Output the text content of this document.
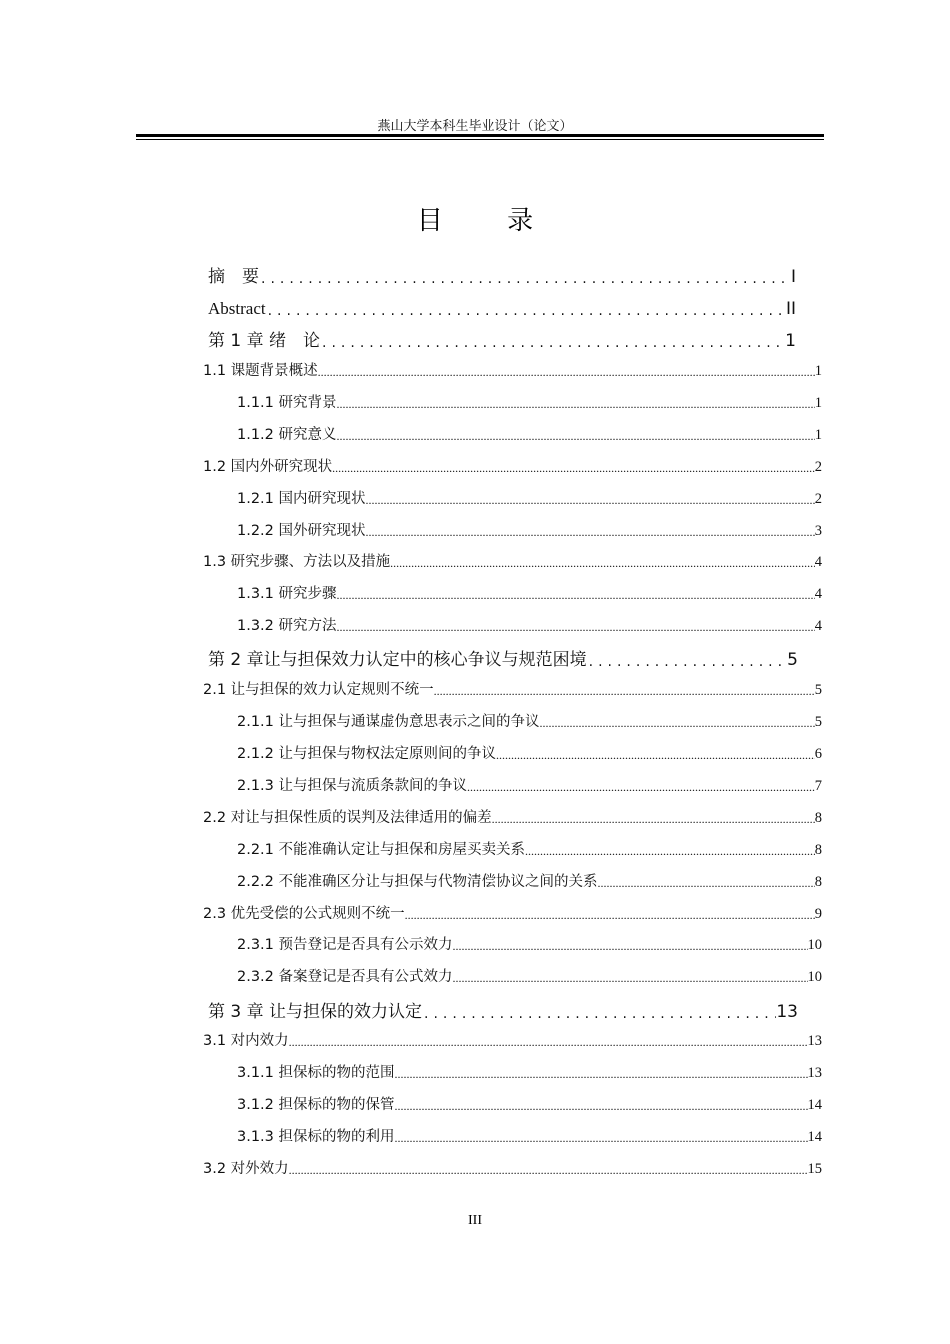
燕山大学本科生毕业设计（论文）
目 录
摘　要 .....	Ⅰ
Abstract .....	ⅠⅠ
第 1 章 绪　论 .....	1
1.1 课题背景概述 .....	1
1.1.1 研究背景 .....	1
1.1.2 研究意义 .....	1
1.2 国内外研究现状 .....	2
1.2.1 国内研究现状 .....	2
1.2.2 国外研究现状 .....	3
1.3 研究步骤、方法以及措施 .....	4
1.3.1 研究步骤 .....	4
1.3.2 研究方法 .....	4
第 2 章让与担保效力认定中的核心争议与规范困境 .....	5
2.1 让与担保的效力认定规则不统一 .....	5
2.1.1 让与担保与通谋虚伪意思表示之间的争议 .....	5
2.1.2 让与担保与物权法定原则间的争议 .....	6
2.1.3 让与担保与流质条款间的争议 .....	7
2.2 对让与担保性质的误判及法律适用的偏差 .....	8
2.2.1 不能准确认定让与担保和房屋买卖关系 .....	8
2.2.2 不能准确区分让与担保与代物清偿协议之间的关系 .....	8
2.3 优先受偿的公式规则不统一 .....	9
2.3.1 预告登记是否具有公示效力 .....	10
2.3.2 备案登记是否具有公式效力 .....	10
第 3 章 让与担保的效力认定 .....	13
3.1 对内效力 .....	13
3.1.1 担保标的物的范围 .....	13
3.1.2 担保标的物的保管 .....	14
3.1.3 担保标的物的利用 .....	14
3.2 对外效力 .....	15
III
